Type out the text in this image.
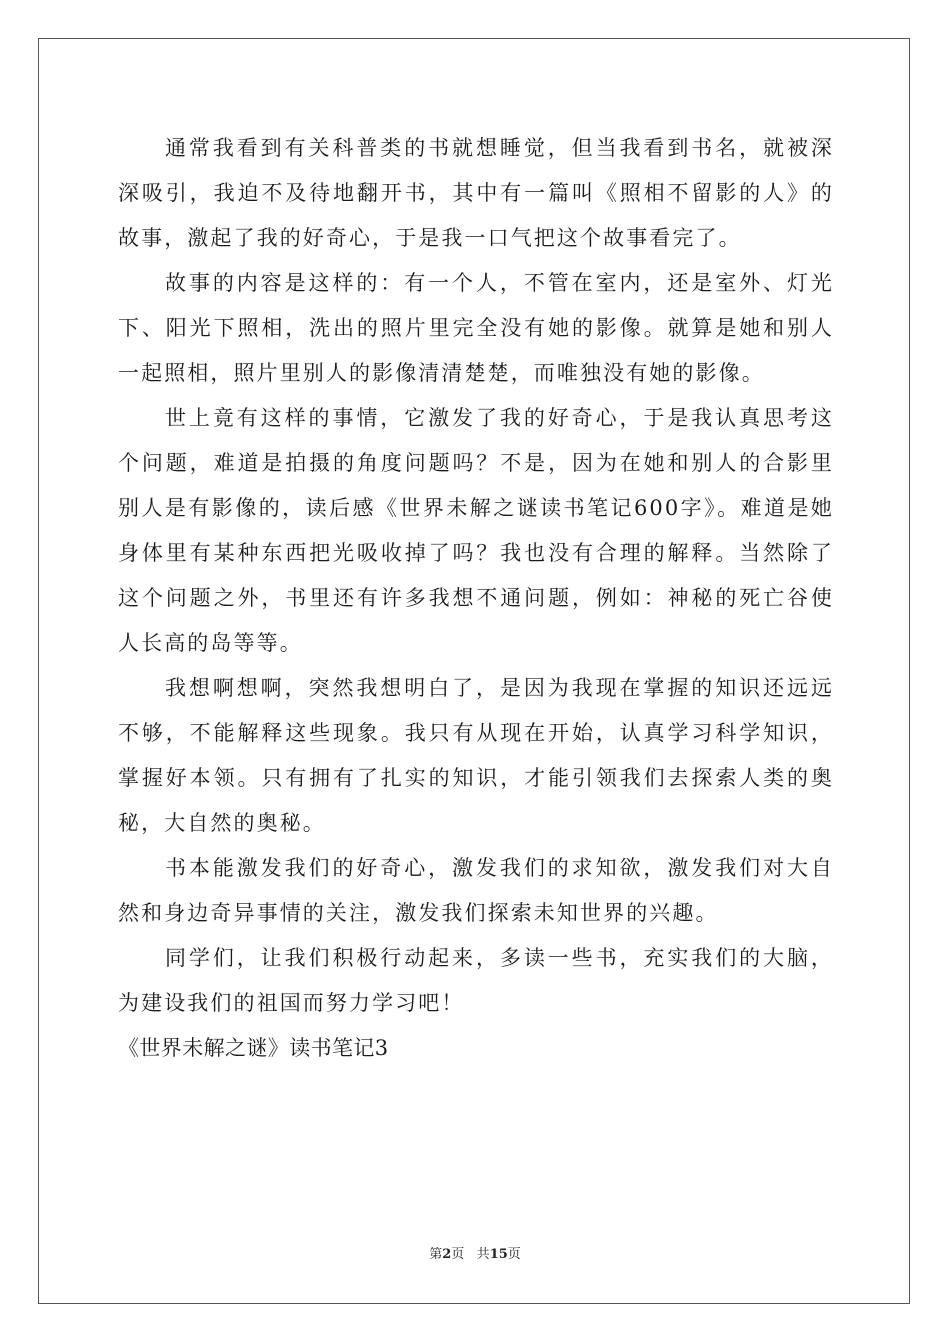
通常我看到有关科普类的书就想睡觉，但当我看到书名，就被深深吸引，我迫不及待地翻开书，其中有一篇叫《照相不留影的人》的故事，激起了我的好奇心，于是我一口气把这个故事看完了。

故事的内容是这样的：有一个人，不管在室内，还是室外、灯光下、阳光下照相，洗出的照片里完全没有她的影像。就算是她和别人一起照相，照片里别人的影像清清楚楚，而唯独没有她的影像。

世上竟有这样的事情，它激发了我的好奇心，于是我认真思考这个问题，难道是拍摄的角度问题吗？不是，因为在她和别人的合影里别人是有影像的，读后感《世界未解之谜读书笔记600字》。难道是她身体里有某种东西把光吸收掉了吗？我也没有合理的解释。当然除了这个问题之外，书里还有许多我想不通问题，例如：神秘的死亡谷使人长高的岛等等。

我想啊想啊，突然我想明白了，是因为我现在掌握的知识还远远不够，不能解释这些现象。我只有从现在开始，认真学习科学知识，掌握好本领。只有拥有了扎实的知识，才能引领我们去探索人类的奥秘，大自然的奥秘。

书本能激发我们的好奇心，激发我们的求知欲，激发我们对大自然和身边奇异事情的关注，激发我们探索未知世界的兴趣。

同学们，让我们积极行动起来，多读一些书，充实我们的大脑，为建设我们的祖国而努力学习吧！

《世界未解之谜》读书笔记3

第2页 共15页
